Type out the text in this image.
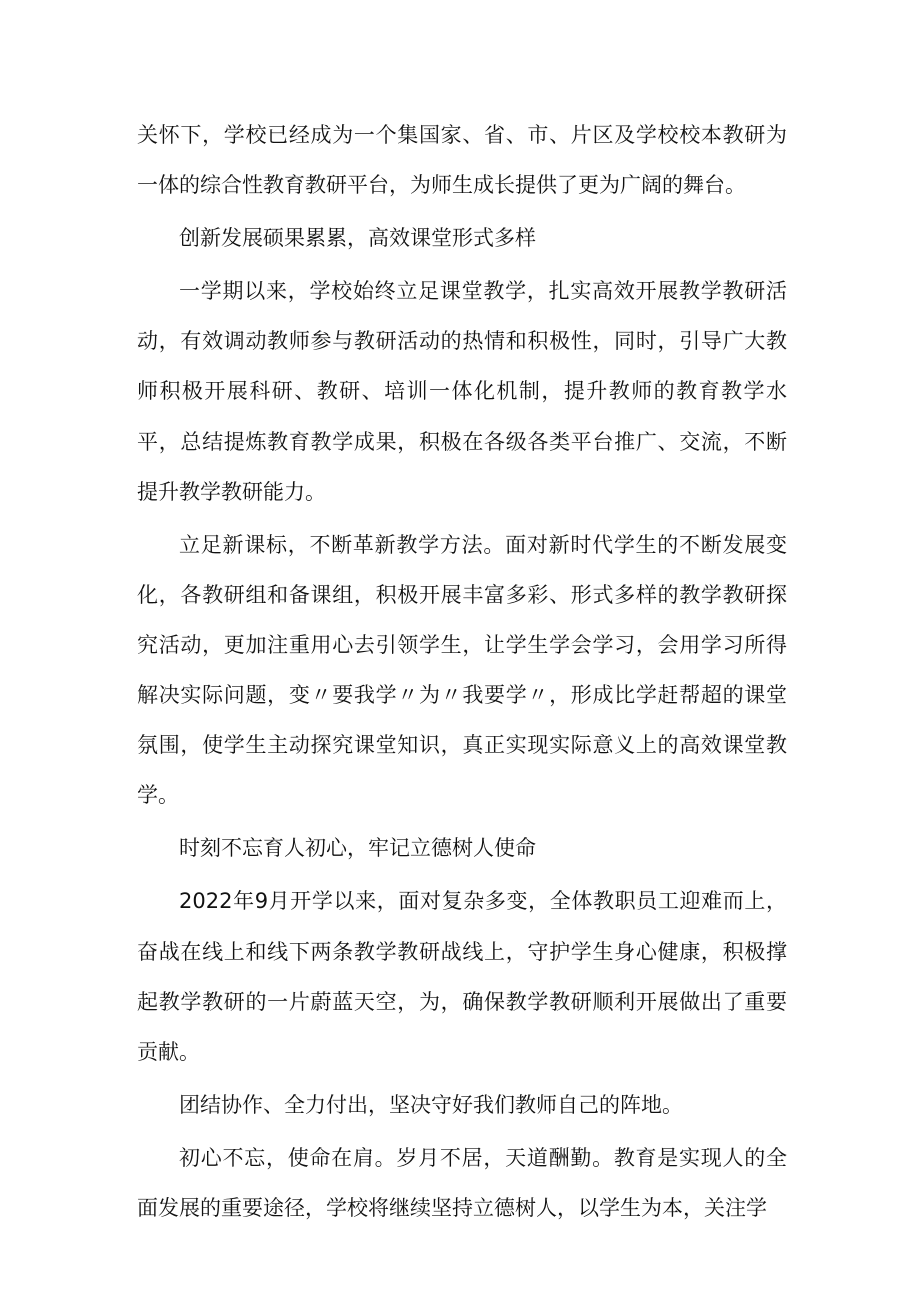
关怀下，学校已经成为一个集国家、省、市、片区及学校校本教研为一体的综合性教育教研平台，为师生成长提供了更为广阔的舞台。

创新发展硕果累累，高效课堂形式多样

一学期以来，学校始终立足课堂教学，扎实高效开展教学教研活动，有效调动教师参与教研活动的热情和积极性，同时，引导广大教师积极开展科研、教研、培训一体化机制，提升教师的教育教学水平，总结提炼教育教学成果，积极在各级各类平台推广、交流，不断提升教学教研能力。

立足新课标，不断革新教学方法。面对新时代学生的不断发展变化，各教研组和备课组，积极开展丰富多彩、形式多样的教学教研探究活动，更加注重用心去引领学生，让学生学会学习，会用学习所得解决实际问题，变〃要我学〃为〃我要学〃，形成比学赶帮超的课堂氛围，使学生主动探究课堂知识，真正实现实际意义上的高效课堂教学。

时刻不忘育人初心，牢记立德树人使命

2022年9月开学以来，面对复杂多变，全体教职员工迎难而上，奋战在线上和线下两条教学教研战线上，守护学生身心健康，积极撑起教学教研的一片蔚蓝天空，为，确保教学教研顺利开展做出了重要贡献。

团结协作、全力付出，坚决守好我们教师自己的阵地。

初心不忘，使命在肩。岁月不居，天道酬勤。教育是实现人的全面发展的重要途径，学校将继续坚持立德树人，以学生为本，关注学
